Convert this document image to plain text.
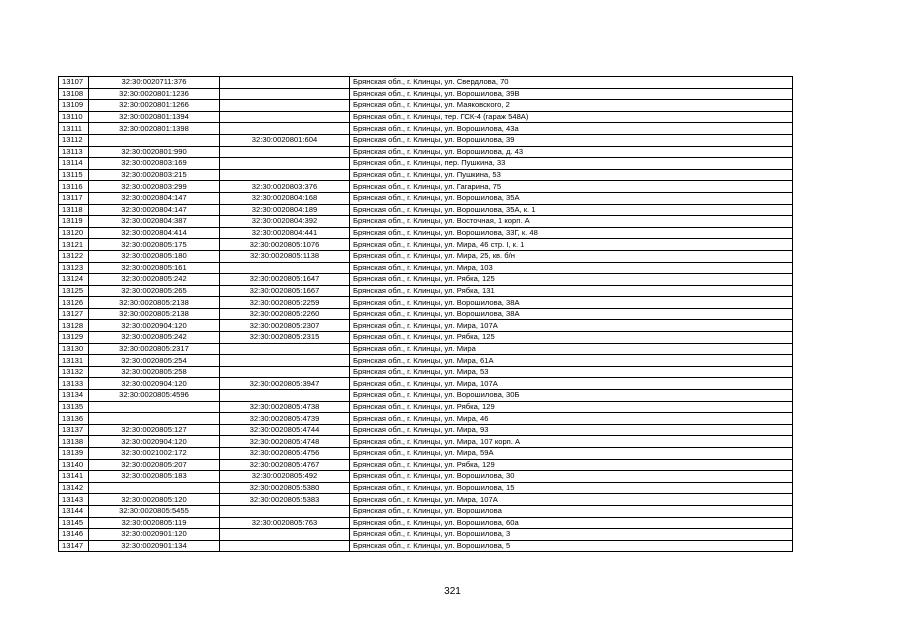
13107	32:30:0020711:376		Брянская обл., г. Клинцы, ул. Свердлова, 70
13108	32:30:0020801:1236		Брянская обл., г. Клинцы, ул. Ворошилова, 39В
13109	32:30:0020801:1266		Брянская обл., г. Клинцы, ул. Маяковского, 2
13110	32:30:0020801:1394		Брянская обл., г. Клинцы, тер. ГСК-4 (гараж 548А)
13111	32:30:0020801:1398		Брянская обл., г. Клинцы, ул. Ворошилова, 43а
13112		32:30:0020801:604	Брянская обл., г. Клинцы, ул. Ворошилова, 39
13113	32:30:0020801:990		Брянская обл., г. Клинцы, ул. Ворошилова, д. 43
13114	32:30:0020803:169		Брянская обл., г. Клинцы, пер. Пушкина, 33
13115	32:30:0020803:215		Брянская обл., г. Клинцы, ул. Пушкина, 53
13116	32:30:0020803:299	32:30:0020803:376	Брянская обл., г. Клинцы, ул. Гагарина, 75
13117	32:30:0020804:147	32:30:0020804:168	Брянская обл., г. Клинцы, ул. Ворошилова, 35А
13118	32:30:0020804:147	32:30:0020804:189	Брянская обл., г. Клинцы, ул. Ворошилова, 35А, к. 1
13119	32:30:0020804:387	32:30:0020804:392	Брянская обл., г. Клинцы, ул. Восточная, 1 корп. А
13120	32:30:0020804:414	32:30:0020804:441	Брянская обл., г. Клинцы, ул. Ворошилова, 33Г, к. 48
13121	32:30:0020805:175	32:30:0020805:1076	Брянская обл., г. Клинцы, ул. Мира, 46 стр. I, к. 1
13122	32:30:0020805:180	32:30:0020805:1138	Брянская обл., г. Клинцы, ул. Мира, 25, кв. б/н
13123	32:30:0020805:161		Брянская обл., г. Клинцы, ул. Мира, 103
13124	32:30:0020805:242	32:30:0020805:1647	Брянская обл., г. Клинцы, ул. Рябка, 125
13125	32:30:0020805:265	32:30:0020805:1667	Брянская обл., г. Клинцы, ул. Рябка, 131
13126	32:30:0020805:2138	32:30:0020805:2259	Брянская обл., г. Клинцы, ул. Ворошилова, 38А
13127	32:30:0020805:2138	32:30:0020805:2260	Брянская обл., г. Клинцы, ул. Ворошилова, 38А
13128	32:30:0020904:120	32:30:0020805:2307	Брянская обл., г. Клинцы, ул. Мира, 107А
13129	32:30:0020805:242	32:30:0020805:2315	Брянская обл., г. Клинцы, ул. Рябка, 125
13130	32:30:0020805:2317		Брянская обл., г. Клинцы, ул. Мира
13131	32:30:0020805:254		Брянская обл., г. Клинцы, ул. Мира, 61А
13132	32:30:0020805:258		Брянская обл., г. Клинцы, ул. Мира, 53
13133	32:30:0020904:120	32:30:0020805:3947	Брянская обл., г. Клинцы, ул. Мира, 107А
13134	32:30:0020805:4596		Брянская обл., г. Клинцы, ул. Ворошилова, 30Б
13135		32:30:0020805:4738	Брянская обл., г. Клинцы, ул. Рябка, 129
13136		32:30:0020805:4739	Брянская обл., г. Клинцы, ул. Мира, 46
13137	32:30:0020805:127	32:30:0020805:4744	Брянская обл., г. Клинцы, ул. Мира, 93
13138	32:30:0020904:120	32:30:0020805:4748	Брянская обл., г. Клинцы, ул. Мира, 107 корп. А
13139	32:30:0021002:172	32:30:0020805:4756	Брянская обл., г. Клинцы, ул. Мира, 59А
13140	32:30:0020805:207	32:30:0020805:4767	Брянская обл., г. Клинцы, ул. Рябка, 129
13141	32:30:0020805:183	32:30:0020805:492	Брянская обл., г. Клинцы, ул. Ворошилова, 30
13142		32:30:0020805:5380	Брянская обл., г. Клинцы, ул. Ворошилова, 15
13143	32:30:0020805:120	32:30:0020805:5383	Брянская обл., г. Клинцы, ул. Мира, 107А
13144	32:30:0020805:5455		Брянская обл., г. Клинцы, ул. Ворошилова
13145	32:30:0020805:119	32:30:0020805:763	Брянская обл., г. Клинцы, ул. Ворошилова, 60а
13146	32:30:0020901:120		Брянская обл., г. Клинцы, ул. Ворошилова, 3
13147	32:30:0020901:134		Брянская обл., г. Клинцы, ул. Ворошилова, 5
321
